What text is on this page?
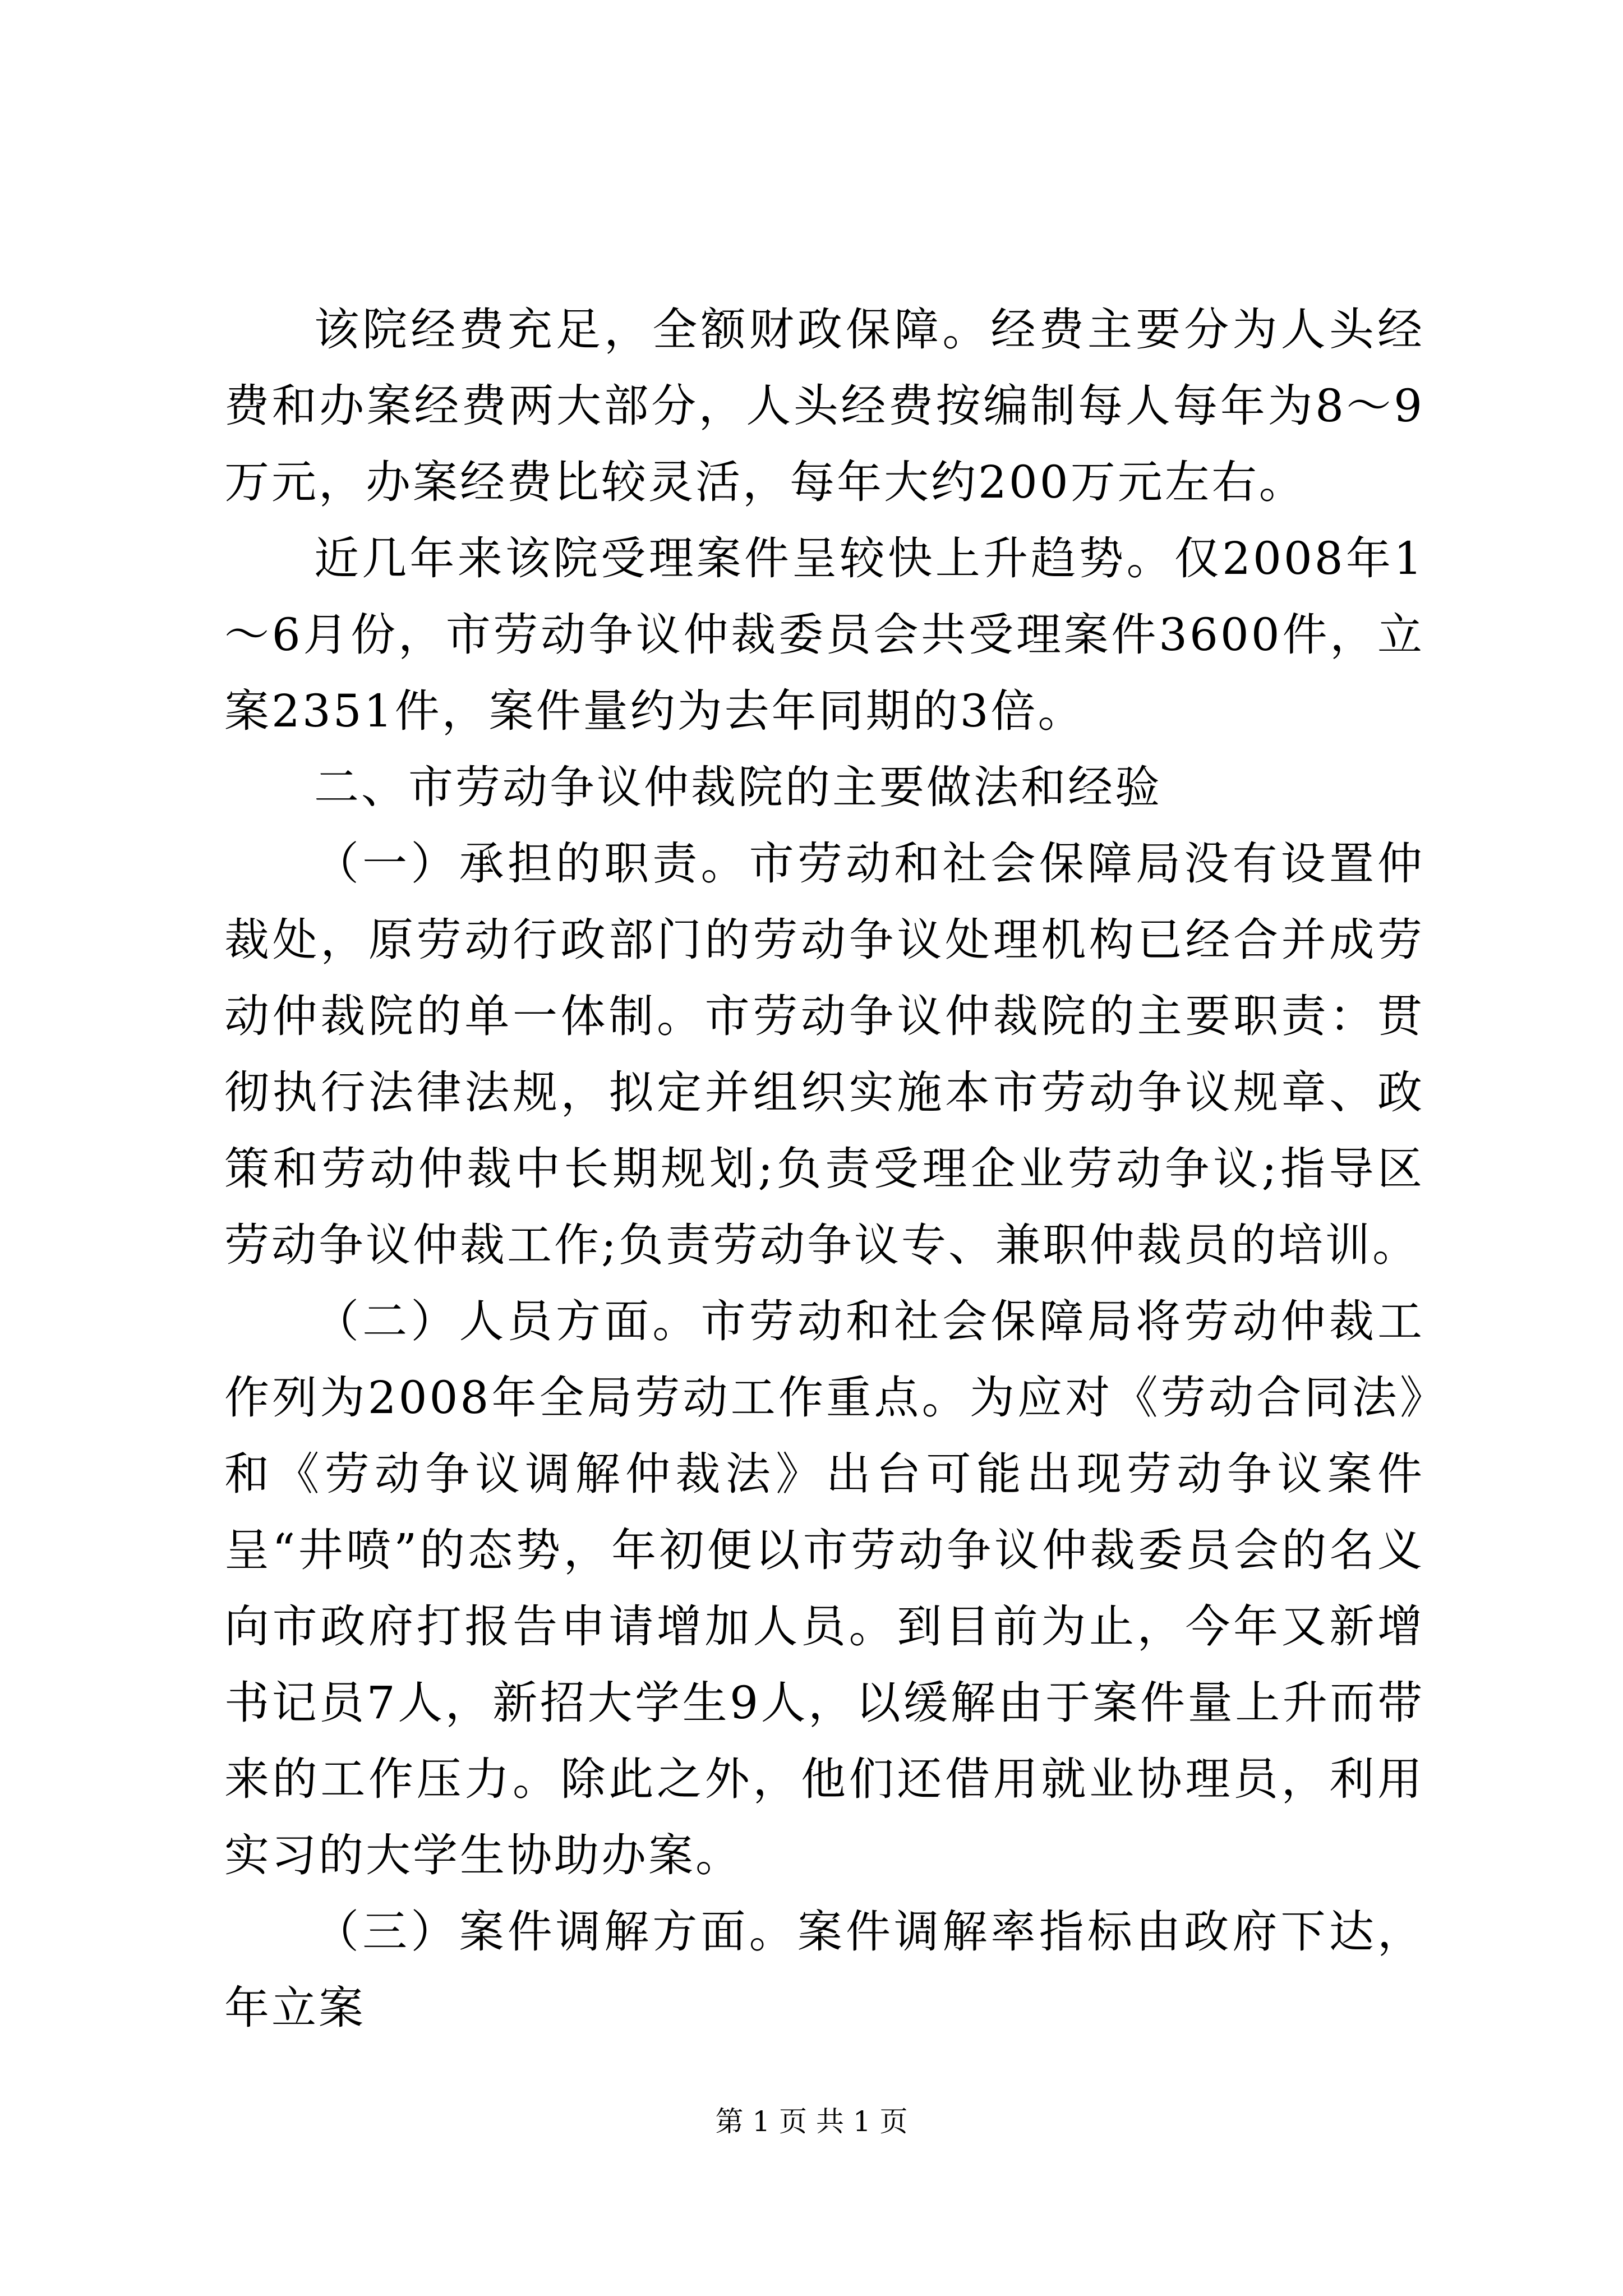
该院经费充足，全额财政保障。经费主要分为人头经费和办案经费两大部分，人头经费按编制每人每年为8～9万元，办案经费比较灵活，每年大约200万元左右。

近几年来该院受理案件呈较快上升趋势。仅2008年1～6月份，市劳动争议仲裁委员会共受理案件3600件，立案2351件，案件量约为去年同期的3倍。

二、市劳动争议仲裁院的主要做法和经验

（一）承担的职责。市劳动和社会保障局没有设置仲裁处，原劳动行政部门的劳动争议处理机构已经合并成劳动仲裁院的单一体制。市劳动争议仲裁院的主要职责：贯彻执行法律法规，拟定并组织实施本市劳动争议规章、政策和劳动仲裁中长期规划;负责受理企业劳动争议;指导区劳动争议仲裁工作;负责劳动争议专、兼职仲裁员的培训。

（二）人员方面。市劳动和社会保障局将劳动仲裁工作列为2008年全局劳动工作重点。为应对《劳动合同法》和《劳动争议调解仲裁法》出台可能出现劳动争议案件呈“井喷”的态势，年初便以市劳动争议仲裁委员会的名义向市政府打报告申请增加人员。到目前为止，今年又新增书记员7人，新招大学生9人，以缓解由于案件量上升而带来的工作压力。除此之外，他们还借用就业协理员，利用实习的大学生协助办案。

（三）案件调解方面。案件调解率指标由政府下达，年立案

第 1 页 共 1 页
